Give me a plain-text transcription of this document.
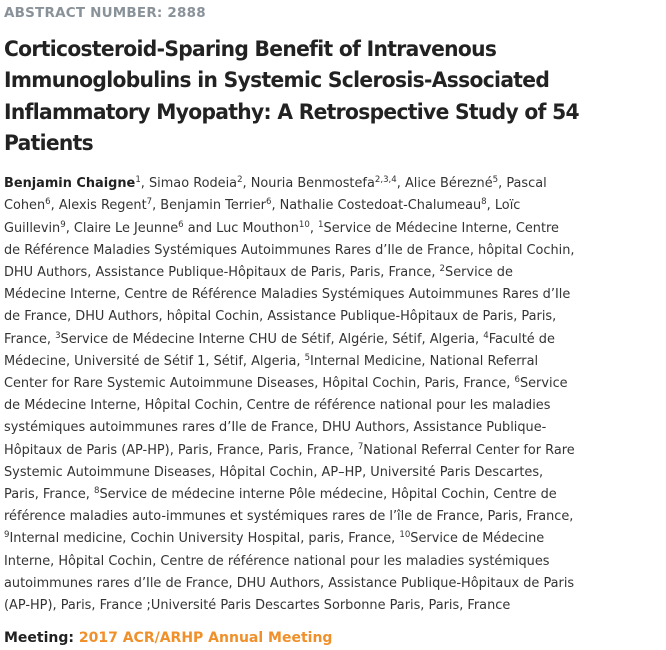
ABSTRACT NUMBER: 2888
Corticosteroid-Sparing Benefit of Intravenous
Immunoglobulins in Systemic Sclerosis-Associated
Inflammatory Myopathy: A Retrospective Study of 54
Patients
Benjamin Chaigne$^1$, Simao Rodeia$^2$, Nouria Benmostefa$^{2,3,4}$, Alice Bérezné$^5$, Pascal
Cohen$^6$, Alexis Regent$^7$, Benjamin Terrier$^6$, Nathalie Costedoat-Chalumeau$^8$, Loïc
Guillevin$^9$, Claire Le Jeunne$^6$ and Luc Mouthon$^{10}$, $^1$Service de Médecine Interne, Centre
de Référence Maladies Systémiques Autoimmunes Rares d’Ile de France, hôpital Cochin,
DHU Authors, Assistance Publique-Hôpitaux de Paris, Paris, France, $^2$Service de
Médecine Interne, Centre de Référence Maladies Systémiques Autoimmunes Rares d’Ile
de France, DHU Authors, hôpital Cochin, Assistance Publique-Hôpitaux de Paris, Paris,
France, $^3$Service de Médecine Interne CHU de Sétif, Algérie, Sétif, Algeria, $^4$Faculté de
Médecine, Université de Sétif 1, Sétif, Algeria, $^5$Internal Medicine, National Referral
Center for Rare Systemic Autoimmune Diseases, Hôpital Cochin, Paris, France, $^6$Service
de Médecine Interne, Hôpital Cochin, Centre de référence national pour les maladies
systémiques autoimmunes rares d’Ile de France, DHU Authors, Assistance Publique-
Hôpitaux de Paris (AP-HP), Paris, France, Paris, France, $^7$National Referral Center for Rare
Systemic Autoimmune Diseases, Hôpital Cochin, AP–HP, Université Paris Descartes,
Paris, France, $^8$Service de médecine interne Pôle médecine, Hôpital Cochin, Centre de
référence maladies auto-immunes et systémiques rares de l’île de France, Paris, France,
$^9$Internal medicine, Cochin University Hospital, paris, France, $^{10}$Service de Médecine
Interne, Hôpital Cochin, Centre de référence national pour les maladies systémiques
autoimmunes rares d’Ile de France, DHU Authors, Assistance Publique-Hôpitaux de Paris
(AP-HP), Paris, France ;Université Paris Descartes Sorbonne Paris, Paris, France
Meeting: 2017 ACR/ARHP Annual Meeting
